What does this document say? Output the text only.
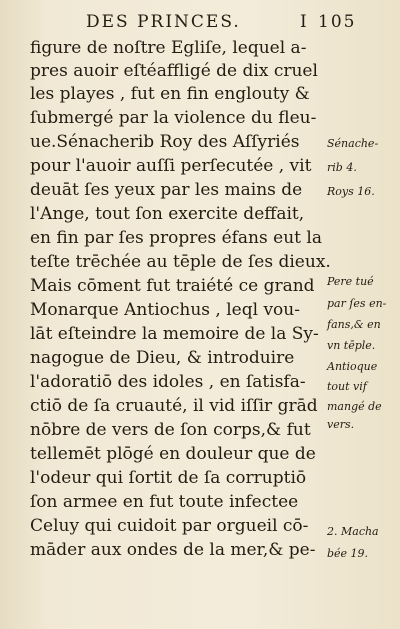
DES PRINCES.	I 105
figure de noſtre Egliſe, lequel a-
pres auoir eſtéaffligé de dix cruel
les playes , fut en fin englouty &
ſubmergé par la violence du fleu-
ue.Sénacherib Roy des Aſſyriés
pour l'auoir auſſi perſecutée , vit
deuāt ſes yeux par les mains de
l'Ange, tout ſon exercite deffait,
en fin par ſes propres éfans eut la
teſte trēchée au tēple de ſes dieux.
Mais cōment fut traiété ce grand
Monarque Antiochus , leql vou-
lāt eſteindre la memoire de la Sy-
nagogue de Dieu, & introduire
l'adoratiō des idoles , en ſatisfa-
ctiō de ſa cruauté, il vid iſſir grād
nōbre de vers de ſon corps,& fut
tellemēt plōgé en douleur que de
l'odeur qui ſortit de ſa corruptiō
ſon armee en fut toute infectee
Celuy qui cuidoit par orgueil cō-
māder aux ondes de la mer,& pe-
Sénache-
rib 4.
Roys 16.
Pere tué
par ſes en-
fans,& en
vn tēple.
Antioque
tout vif
mangé de
vers.
2. Macha
bée 19.
